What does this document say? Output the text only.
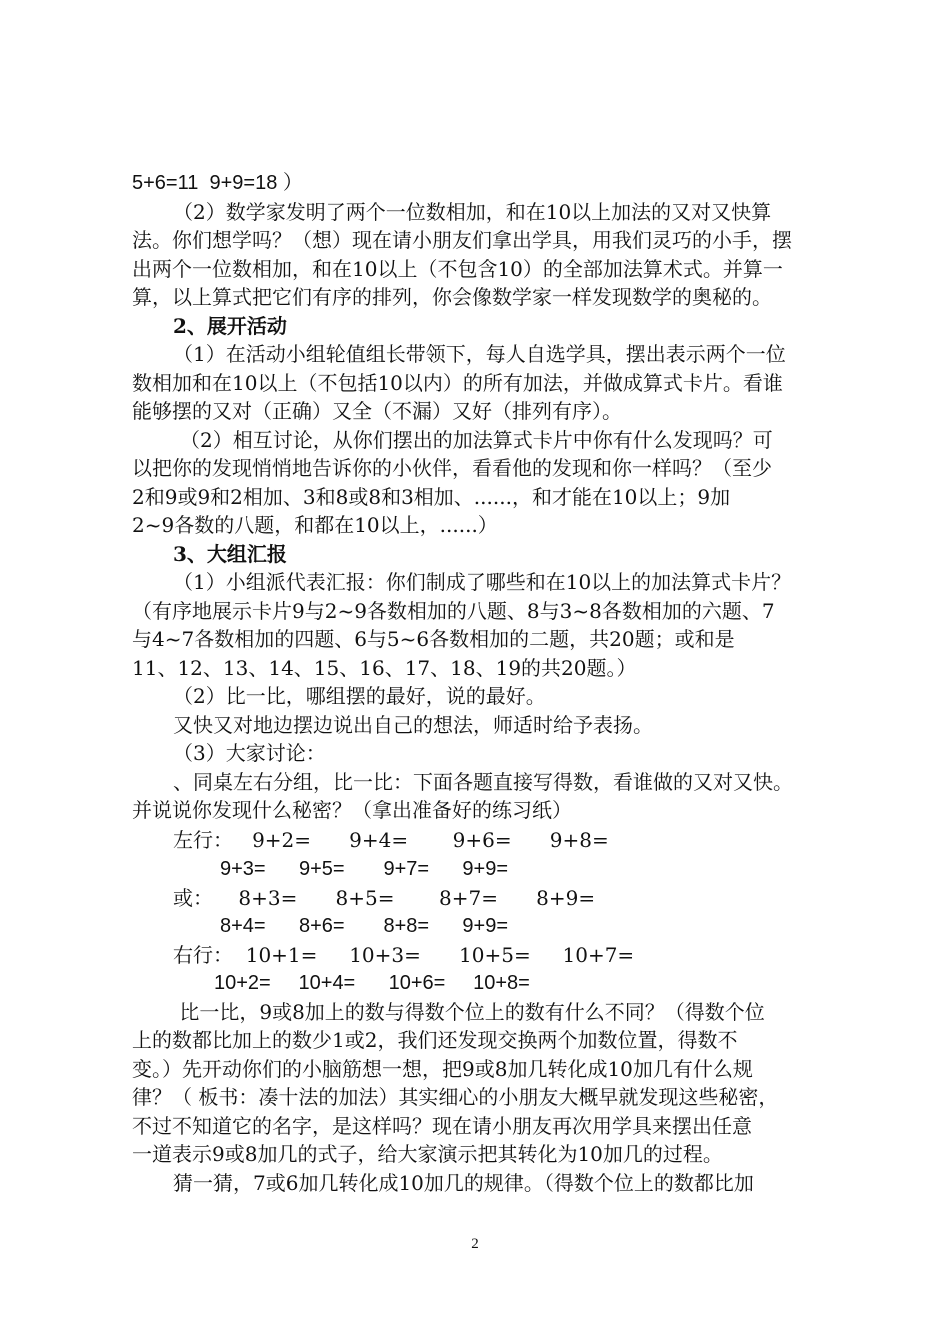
5+6=11  9+9=18 ）
（2）数学家发明了两个一位数相加，和在10以上加法的又对又快算
法。你们想学吗？（想）现在请小朋友们拿出学具，用我们灵巧的小手，摆
出两个一位数相加，和在10以上（不包含10）的全部加法算术式。并算一
算，以上算式把它们有序的排列，你会像数学家一样发现数学的奥秘的。
2、展开活动
（1）在活动小组轮值组长带领下，每人自选学具，摆出表示两个一位
数相加和在10以上（不包括10以内）的所有加法，并做成算式卡片。看谁
能够摆的又对（正确）又全（不漏）又好（排列有序）。
（2）相互讨论，从你们摆出的加法算式卡片中你有什么发现吗？可
以把你的发现悄悄地告诉你的小伙伴，看看他的发现和你一样吗？（至少
2和9或9和2相加、3和8或8和3相加、......，和才能在10以上；9加
2~9各数的八题，和都在10以上，......）
3、大组汇报
（1）小组派代表汇报：你们制成了哪些和在10以上的加法算式卡片？
（有序地展示卡片9与2~9各数相加的八题、8与3~8各数相加的六题、7
与4~7各数相加的四题、6与5~6各数相加的二题，共20题；或和是
11、12、13、14、15、16、17、18、19的共20题。）
（2）比一比，哪组摆的最好，说的最好。
又快又对地边摆边说出自己的想法，师适时给予表扬。
（3）大家讨论：
、同桌左右分组，比一比：下面各题直接写得数，看谁做的又对又快。
并说说你发现什么秘密？（拿出准备好的练习纸）
左行：   9+2=      9+4=       9+6=      9+8=
9+3=      9+5=       9+7=      9+9=
或：    8+3=      8+5=       8+7=      8+9=
8+4=      8+6=       8+8=      9+9=
右行：  10+1=     10+3=      10+5=     10+7=
10+2=     10+4=      10+6=     10+8=
比一比，9或8加上的数与得数个位上的数有什么不同？（得数个位
上的数都比加上的数少1或2，我们还发现交换两个加数位置，得数不
变。）先开动你们的小脑筋想一想，把9或8加几转化成10加几有什么规
律？（ 板书：凑十法的加法）其实细心的小朋友大概早就发现这些秘密，
不过不知道它的名字，是这样吗？现在请小朋友再次用学具来摆出任意
一道表示9或8加几的式子，给大家演示把其转化为10加几的过程。
猜一猜，7或6加几转化成10加几的规律。（得数个位上的数都比加
2
